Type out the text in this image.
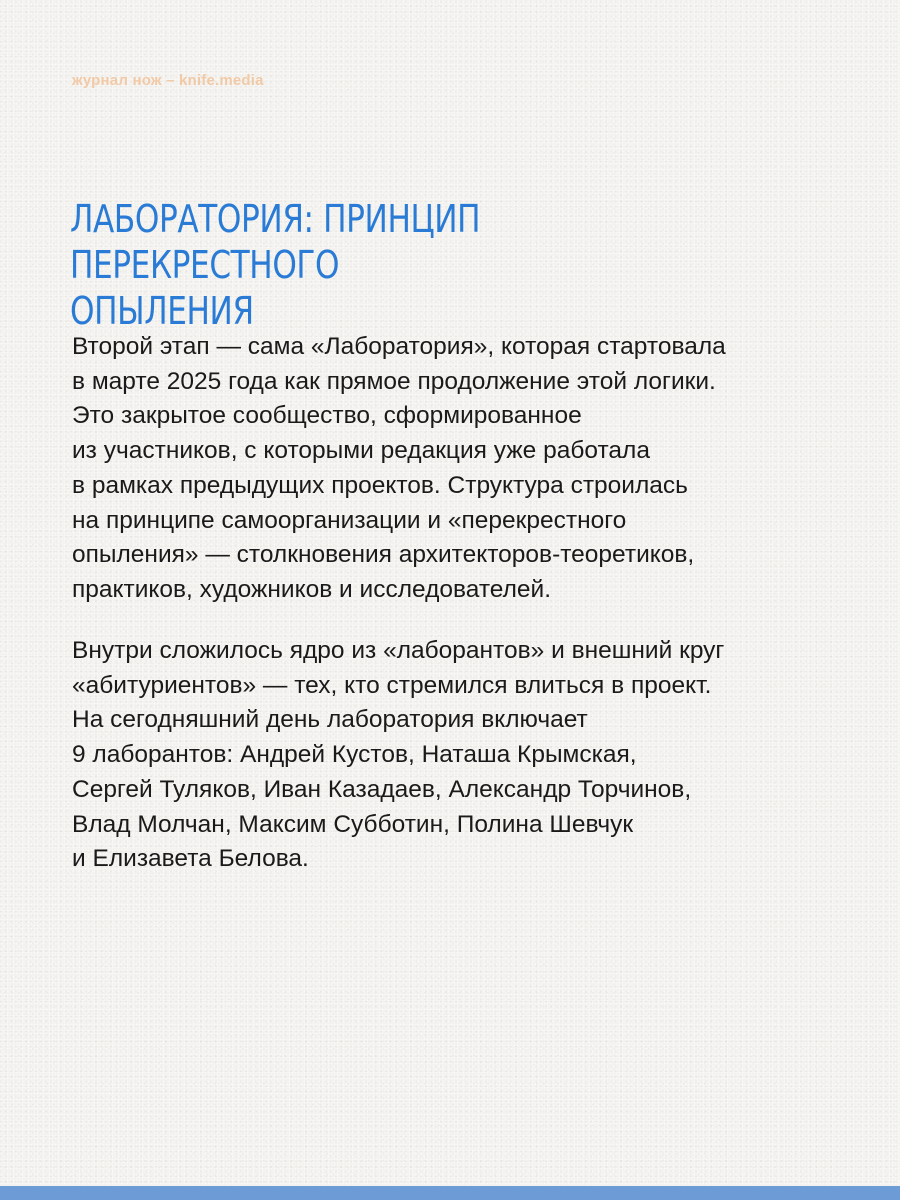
журнал нож – knife.media
ЛАБОРАТОРИЯ: ПРИНЦИП ПЕРЕКРЕСТНОГО
ОПЫЛЕНИЯ

Второй этап — сама «Лаборатория», которая стартовала
в марте 2025 года как прямое продолжение этой логики.
Это закрытое сообщество, сформированное
из участников, с которыми редакция уже работала
в рамках предыдущих проектов. Структура строилась
на принципе самоорганизации и «перекрестного
опыления» — столкновения архитекторов-теоретиков,
практиков, художников и исследователей.

Внутри сложилось ядро из «лаборантов» и внешний круг
«абитуриентов» — тех, кто стремился влиться в проект.
На сегодняшний день лаборатория включает
9 лаборантов: Андрей Кустов, Наташа Крымская,
Сергей Туляков, Иван Казадаев, Александр Торчинов,
Влад Молчан, Максим Субботин, Полина Шевчук
и Елизавета Белова.
